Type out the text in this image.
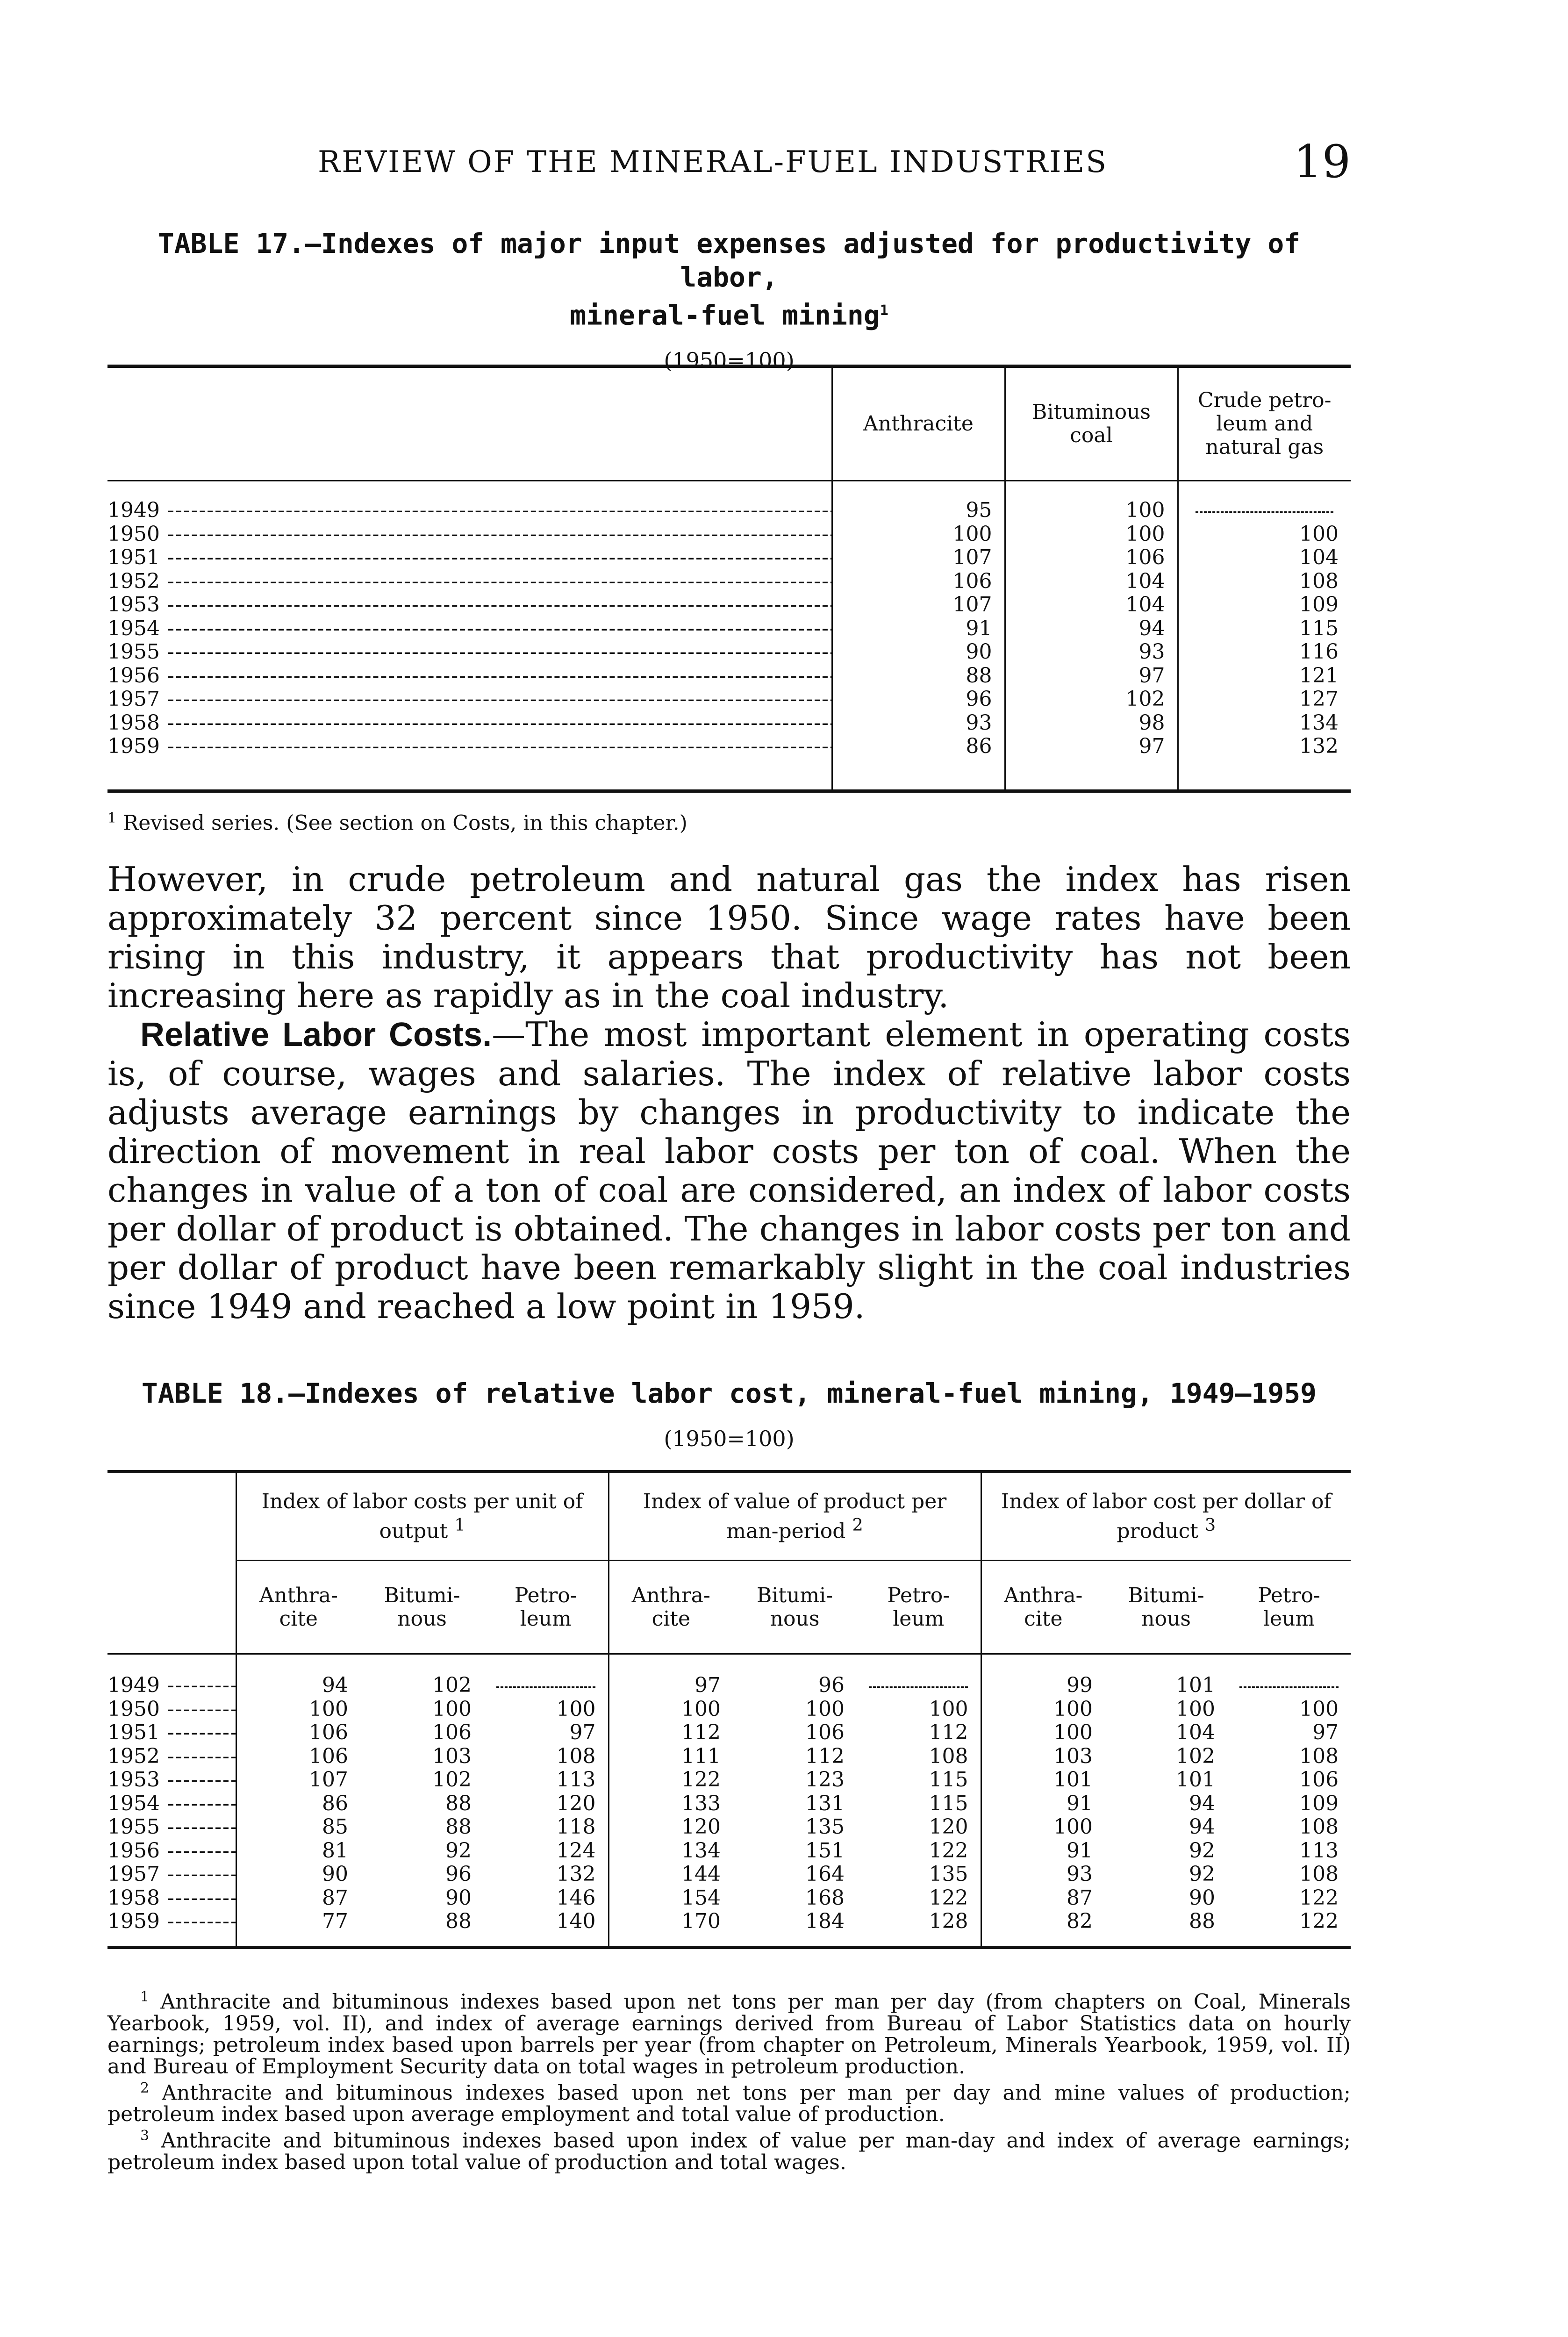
REVIEW OF THE MINERAL-FUEL INDUSTRIES	19
TABLE 17.—Indexes of major input expenses adjusted for productivity of labor,
mineral-fuel mining$^1$
(1950=100)
	Anthracite	Bituminous coal	Crude petro-leum and natural gas

1949 -----	95	100	
1950 -----	100	100	100
1951 -----	107	106	104
1952 -----	106	104	108
1953 -----	107	104	109
1954 -----	91	94	115
1955 -----	90	93	116
1956 -----	88	97	121
1957 -----	96	102	127
1958 -----	93	98	134
1959 -----	86	97	132

$^1$ Revised series. (See section on Costs, in this chapter.)

However, in crude petroleum and natural gas the index has risen approximately 32 percent since 1950. Since wage rates have been rising in this industry, it appears that productivity has not been increasing here as rapidly as in the coal industry.

Relative Labor Costs.—The most important element in operating costs is, of course, wages and salaries. The index of relative labor costs adjusts average earnings by changes in productivity to indicate the direction of movement in real labor costs per ton of coal. When the changes in value of a ton of coal are considered, an index of labor costs per dollar of product is obtained. The changes in labor costs per ton and per dollar of product have been remarkably slight in the coal industries since 1949 and reached a low point in 1959.

TABLE 18.—Indexes of relative labor cost, mineral-fuel mining, 1949–1959
(1950=100)
	Index of labor costs per unit of output $^1$			Index of value of product per man-period $^2$			Index of labor cost per dollar of product $^3$
	Anthra-cite	Bitumi-nous	Petro-leum	Anthra-cite	Bitumi-nous	Petro-leum	Anthra-cite	Bitumi-nous	Petro-leum

1949 -----	94	102		97	96		99	101	
1950 -----	100	100	100	100	100	100	100	100	100
1951 -----	106	106	97	112	106	112	100	104	97
1952 -----	106	103	108	111	112	108	103	102	108
1953 -----	107	102	113	122	123	115	101	101	106
1954 -----	86	88	120	133	131	115	91	94	109
1955 -----	85	88	118	120	135	120	100	94	108
1956 -----	81	92	124	134	151	122	91	92	113
1957 -----	90	96	132	144	164	135	93	92	108
1958 -----	87	90	146	154	168	122	87	90	122
1959 -----	77	88	140	170	184	128	82	88	122

$^1$ Anthracite and bituminous indexes based upon net tons per man per day (from chapters on Coal, Minerals Yearbook, 1959, vol. II), and index of average earnings derived from Bureau of Labor Statistics data on hourly earnings; petroleum index based upon barrels per year (from chapter on Petroleum, Minerals Yearbook, 1959, vol. II) and Bureau of Employment Security data on total wages in petroleum production.

$^2$ Anthracite and bituminous indexes based upon net tons per man per day and mine values of production; petroleum index based upon average employment and total value of production.

$^3$ Anthracite and bituminous indexes based upon index of value per man-day and index of average earnings; petroleum index based upon total value of production and total wages.
